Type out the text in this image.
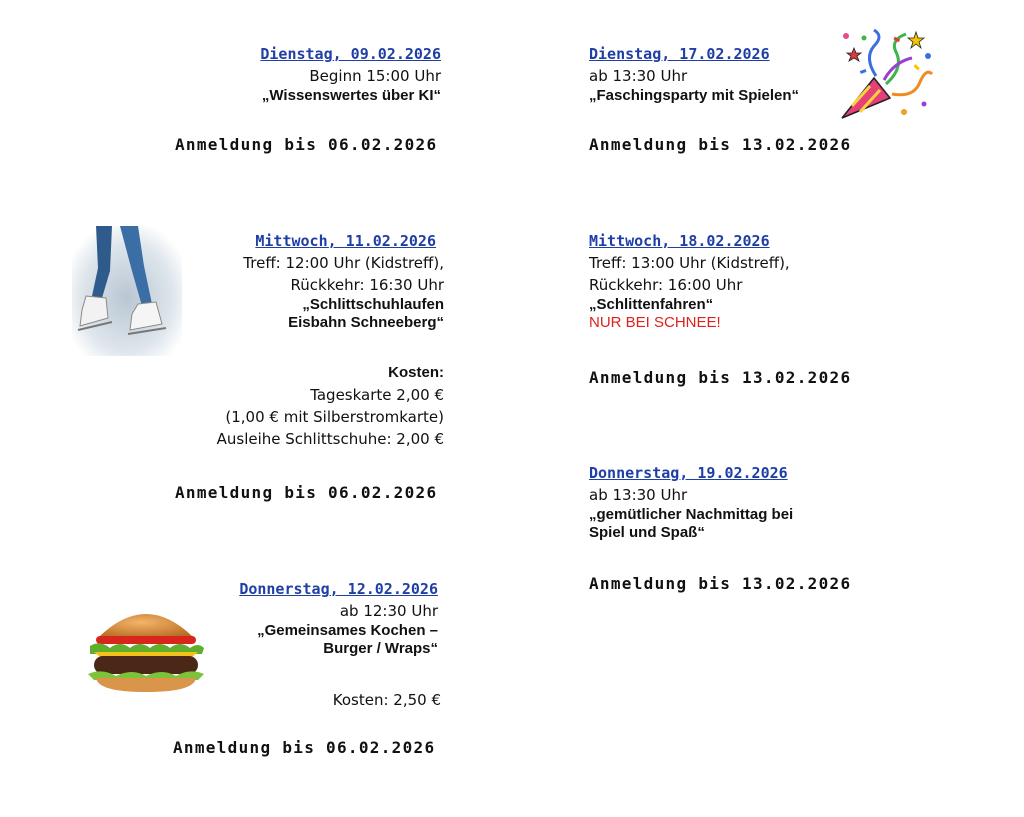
Dienstag, 09.02.2026
Beginn 15:00 Uhr
„Wissenswertes über KI“
Anmeldung bis 06.02.2026
Mittwoch, 11.02.2026
Treff: 12:00 Uhr (Kidstreff),
Rückkehr: 16:30 Uhr
„Schlittschuhlaufen
Eisbahn Schneeberg“
Kosten:
Tageskarte 2,00 €
(1,00 € mit Silberstromkarte)
Ausleihe Schlittschuhe: 2,00 €
Anmeldung bis 06.02.2026
Donnerstag, 12.02.2026
ab 12:30 Uhr
„Gemeinsames Kochen –
Burger / Wraps“
Kosten: 2,50 €
Anmeldung bis 06.02.2026
Dienstag, 17.02.2026
ab 13:30 Uhr
„Faschingsparty mit Spielen“
Anmeldung bis 13.02.2026
Mittwoch, 18.02.2026
Treff: 13:00 Uhr (Kidstreff),
Rückkehr: 16:00 Uhr
„Schlittenfahren“
NUR BEI SCHNEE!
Anmeldung bis 13.02.2026
Donnerstag, 19.02.2026
ab 13:30 Uhr
„gemütlicher Nachmittag bei
Spiel und Spaß“
Anmeldung bis 13.02.2026
